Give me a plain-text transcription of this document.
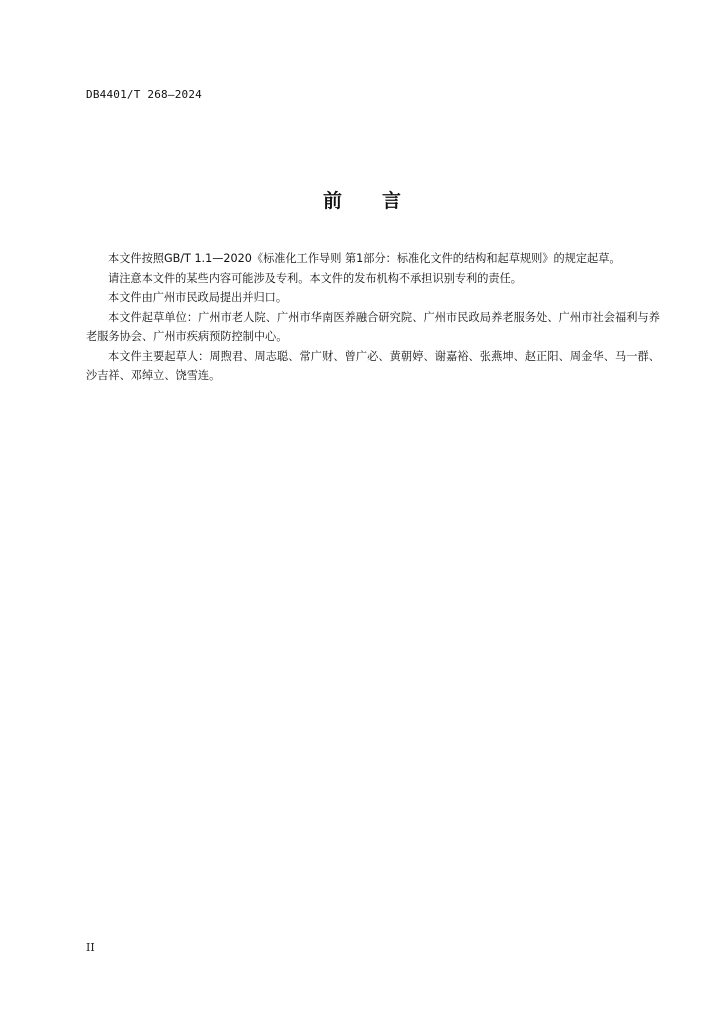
DB4401/T 268—2024
前言

本文件按照GB/T 1.1—2020《标准化工作导则 第1部分：标准化文件的结构和起草规则》的规定起草。

请注意本文件的某些内容可能涉及专利。本文件的发布机构不承担识别专利的责任。

本文件由广州市民政局提出并归口。

本文件起草单位：广州市老人院、广州市华南医养融合研究院、广州市民政局养老服务处、广州市社会福利与养老服务协会、广州市疾病预防控制中心。

本文件主要起草人：周煦君、周志聪、常广财、曾广必、黄朝婷、谢嘉裕、张燕坤、赵正阳、周金华、马一群、沙吉祥、邓绰立、饶雪连。

II
